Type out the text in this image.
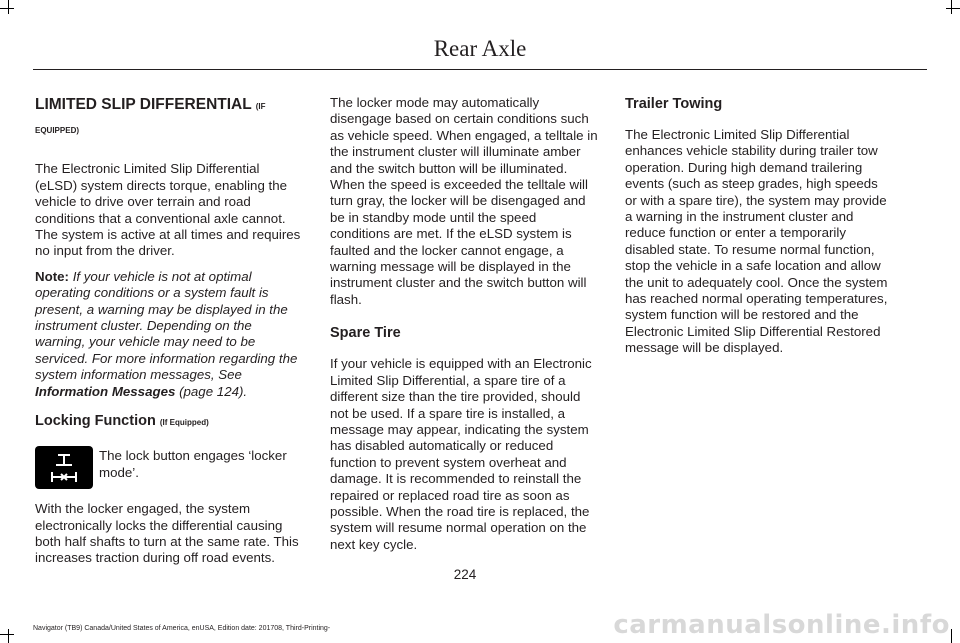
Rear Axle
LIMITED SLIP DIFFERENTIAL (IF
EQUIPPED)

The Electronic Limited Slip Differential (eLSD) system directs torque, enabling the vehicle to drive over terrain and road conditions that a conventional axle cannot. The system is active at all times and requires no input from the driver.

Note: If your vehicle is not at optimal operating conditions or a system fault is present, a warning may be displayed in the instrument cluster. Depending on the warning, your vehicle may need to be serviced. For more information regarding the system information messages, See Information Messages (page 124).

Locking Function (If Equipped)
The lock button engages ‘locker mode’.

With the locker engaged, the system electronically locks the differential causing both half shafts to turn at the same rate. This increases traction during off road events.

The locker mode may automatically disengage based on certain conditions such as vehicle speed. When engaged, a telltale in the instrument cluster will illuminate amber and the switch button will be illuminated. When the speed is exceeded the telltale will turn gray, the locker will be disengaged and be in standby mode until the speed conditions are met. If the eLSD system is faulted and the locker cannot engage, a warning message will be displayed in the instrument cluster and the switch button will flash.

Spare Tire

If your vehicle is equipped with an Electronic Limited Slip Differential, a spare tire of a different size than the tire provided, should not be used. If a spare tire is installed, a message may appear, indicating the system has disabled automatically or reduced function to prevent system overheat and damage. It is recommended to reinstall the repaired or replaced road tire as soon as possible. When the road tire is replaced, the system will resume normal operation on the next key cycle.

Trailer Towing

The Electronic Limited Slip Differential enhances vehicle stability during trailer tow operation. During high demand trailering events (such as steep grades, high speeds or with a spare tire), the system may provide a warning in the instrument cluster and reduce function or enter a temporarily disabled state. To resume normal function, stop the vehicle in a safe location and allow the unit to adequately cool. Once the system has reached normal operating temperatures, system function will be restored and the Electronic Limited Slip Differential Restored message will be displayed.

224
Navigator (TB9) Canada/United States of America, enUSA, Edition date: 201708, Third-Printing-	carmanualsonline.info
